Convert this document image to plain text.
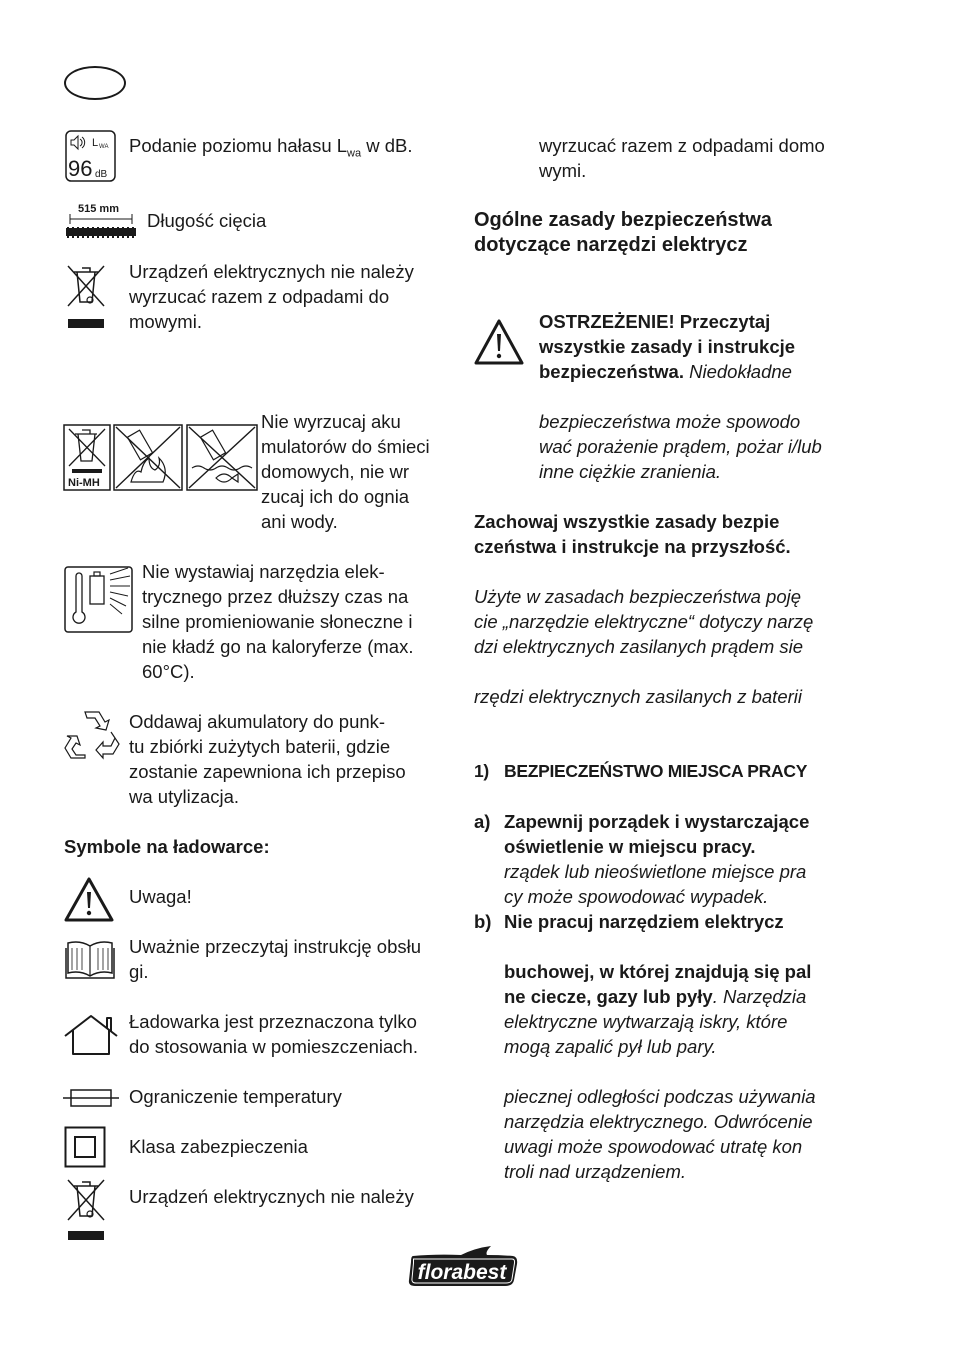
L WA
96 dB
Podanie poziomu hałasu $L_{wa}$ w dB.
515 mm
Długość cięcia
Urządzeń elektrycznych nie należy
wyrzucać razem z odpadami do
mowymi.
Ni-MH
Nie wyrzucaj aku
mulatorów do śmieci
domowych, nie wr
zucaj ich do ognia
ani wody.
Nie wystawiaj narzędzia elek-
trycznego przez dłuższy czas na
silne promieniowanie słoneczne i
nie kładź go na kaloryferze (max.
60°C).
Oddawaj akumulatory do punk-
tu zbiórki zużytych baterii, gdzie
zostanie zapewniona ich przepiso
wa utylizacja.
Symbole na ładowarce:
Uwaga!
Uważnie przeczytaj instrukcję obsłu
gi.
Ładowarka jest przeznaczona tylko
do stosowania w pomieszczeniach.
Ograniczenie temperatury
Klasa zabezpieczenia
Urządzeń elektrycznych nie należy
wyrzucać razem z odpadami domo
wymi.
Ogólne zasady bezpieczeństwa
dotyczące narzędzi elektrycz
OSTRZEŻENIE! Przeczytaj
wszystkie zasady i instrukcje
bezpieczeństwa. Niedokładne
bezpieczeństwa może spowodo
wać porażenie prądem, pożar i/lub
inne ciężkie zranienia.
Zachowaj wszystkie zasady bezpie
czeństwa i instrukcje na przyszłość.
Użyte w zasadach bezpieczeństwa poję
cie „narzędzie elektryczne“ dotyczy narzę
dzi elektrycznych zasilanych prądem sie
rzędzi elektrycznych zasilanych z baterii
1) BEZPIECZEŃSTWO MIEJSCA PRACY
a) Zapewnij porządek i wystarczające
oświetlenie w miejscu pracy.
rządek lub nieoświetlone miejsce pra
cy może spowodować wypadek.
b) Nie pracuj narzędziem elektrycz
buchowej, w której znajdują się pal
ne ciecze, gazy lub pyły. Narzędzia
elektryczne wytwarzają iskry, które
mogą zapalić pył lub pary.
piecznej odległości podczas używania
narzędzia elektrycznego. Odwrócenie
uwagi może spowodować utratę kon
troli nad urządzeniem.
florabest
